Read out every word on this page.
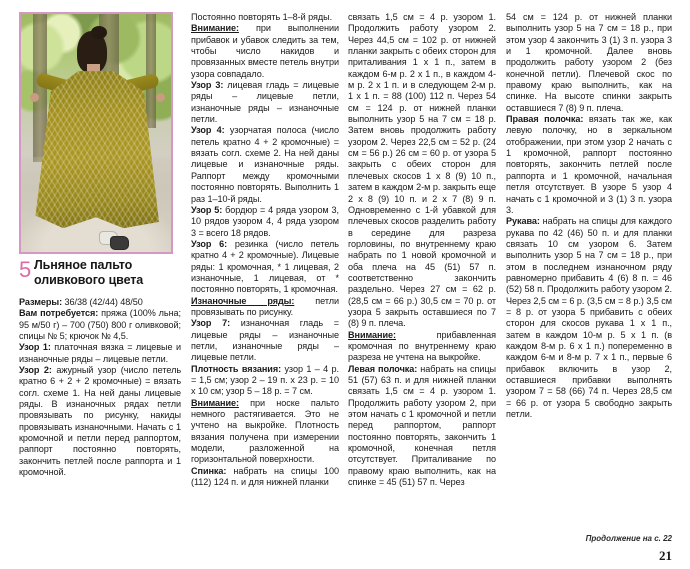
5 Льняное пальто
оливкового цвета

Размеры: 36/38 (42/44) 48/50

Вам потребуется: пряжа (100% льна; 95 м/50 г) – 700 (750) 800 г оливковой; спицы № 5; крючок № 4,5.

Узор 1: платочная вязка = лицевые и изнаночные ряды – лицевые петли.

Узор 2: ажурный узор (число петель кратно 6 + 2 + 2 кромочные) = вязать согл. схеме 1. На ней даны лицевые ряды. В изнаночных рядах петли провязывать по рисунку, накиды провязывать изнаночными. Начать с 1 кромочной и петли перед раппортом, раппорт постоянно повторять, закончить петлей после раппорта и 1 кромочной.

Постоянно повторять 1–8-й ряды.

Внимание: при выполнении прибавок и убавок следить за тем, чтобы число накидов и провязанных вместе петель внутри узора совпадало.

Узор 3: лицевая гладь = лицевые ряды – лицевые петли, изнаночные ряды – изнаночные петли.

Узор 4: узорчатая полоса (число петель кратно 4 + 2 кромочные) = вязать согл. схеме 2. На ней даны лицевые и изнаночные ряды. Раппорт между кромочными постоянно повторять. Выполнить 1 раз 1–10-й ряды.

Узор 5: бордюр = 4 ряда узором 3, 10 рядов узором 4, 4 ряда узором 3 = всего 18 рядов.

Узор 6: резинка (число петель кратно 4 + 2 кромочные). Лицевые ряды: 1 кромочная, * 1 лицевая, 2 изнаночные, 1 лицевая, от * постоянно повторять, 1 кромочная.

Изнаночные ряды: петли провязывать по рисунку.

Узор 7: изнаночная гладь = лицевые ряды – изнаночные петли, изнаночные ряды – лицевые петли.

Плотность вязания: узор 1 – 4 р. = 1,5 см; узор 2 – 19 п. х 23 р. = 10 х 10 см; узор 5 – 18 р. = 7 см.

Внимание: при носке пальто немного растягивается. Это не учтено на выкройке. Плотность вязания получена при измерении модели, разложенной на горизонтальной поверхности.

Спинка: набрать на спицы 100 (112) 124 п. и для нижней планки

связать 1,5 см = 4 р. узором 1. Продолжить работу узором 2. Через 44,5 см = 102 р. от нижней планки закрыть с обеих сторон для приталивания 1 х 1 п., затем в каждом 6-м р. 2 х 1 п., в каждом 4-м р. 2 х 1 п. и в следующем 2-м р. 1 х 1 п. = 88 (100) 112 п. Через 54 см = 124 р. от нижней планки выполнить узор 5 на 7 см = 18 р. Затем вновь продолжить работу узором 2. Через 22,5 см = 52 р. (24 см = 56 р.) 26 см = 60 р. от узора 5 закрыть с обеих сторон для плечевых скосов 1 х 8 (9) 10 п., затем в каждом 2-м р. закрыть еще 2 х 8 (9) 10 п. и 2 х 7 (8) 9 п. Одновременно с 1-й убавкой для плечевых скосов разделить работу в середине для разреза горловины, по внутреннему краю набрать по 1 новой кромочной и оба плеча на 45 (51) 57 п. соответственно закончить раздельно. Через 27 см = 62 р. (28,5 см = 66 р.) 30,5 см = 70 р. от узора 5 закрыть оставшиеся по 7 (8) 9 п. плеча.

Внимание: прибавленная кромочная по внутреннему краю разреза не учтена на выкройке.

Левая полочка: набрать на спицы 51 (57) 63 п. и для нижней планки связать 1,5 см = 4 р. узором 1. Продолжить работу узором 2, при этом начать с 1 кромочной и петли перед раппортом, раппорт постоянно повторять, закончить 1 кромочной, конечная петля отсутствует. Приталивание по правому краю выполнить, как на спинке = 45 (51) 57 п. Через

54 см = 124 р. от нижней планки выполнить узор 5 на 7 см = 18 р., при этом узор 4 закончить 3 (1) 3 п. узора 3 и 1 кромочной. Далее вновь продолжить работу узором 2 (без конечной петли). Плечевой скос по правому краю выполнить, как на спинке. На высоте спинки закрыть оставшиеся 7 (8) 9 п. плеча.

Правая полочка: вязать так же, как левую полочку, но в зеркальном отображении, при этом узор 2 начать с 1 кромочной, раппорт постоянно повторять, закончить петлей после раппорта и 1 кромочной, начальная петля отсутствует. В узоре 5 узор 4 начать с 1 кромочной и 3 (1) 3 п. узора 3.

Рукава: набрать на спицы для каждого рукава по 42 (46) 50 п. и для планки связать 10 см узором 6. Затем выполнить узор 5 на 7 см = 18 р., при этом в последнем изнаночном ряду равномерно прибавить 4 (6) 8 п. = 46 (52) 58 п. Продолжить работу узором 2. Через 2,5 см = 6 р. (3,5 см = 8 р.) 3,5 см = 8 р. от узора 5 прибавить с обеих сторон для скосов рукава 1 х 1 п., затем в каждом 10-м р. 5 х 1 п. (в каждом 8-м р. 6 х 1 п.) попеременно в каждом 6-м и 8-м р. 7 х 1 п., первые 6 прибавок включить в узор 2, оставшиеся прибавки выполнять узором 7 = 58 (66) 74 п. Через 28,5 см = 66 р. от узора 5 свободно закрыть петли.

Продолжение на с. 22
21
